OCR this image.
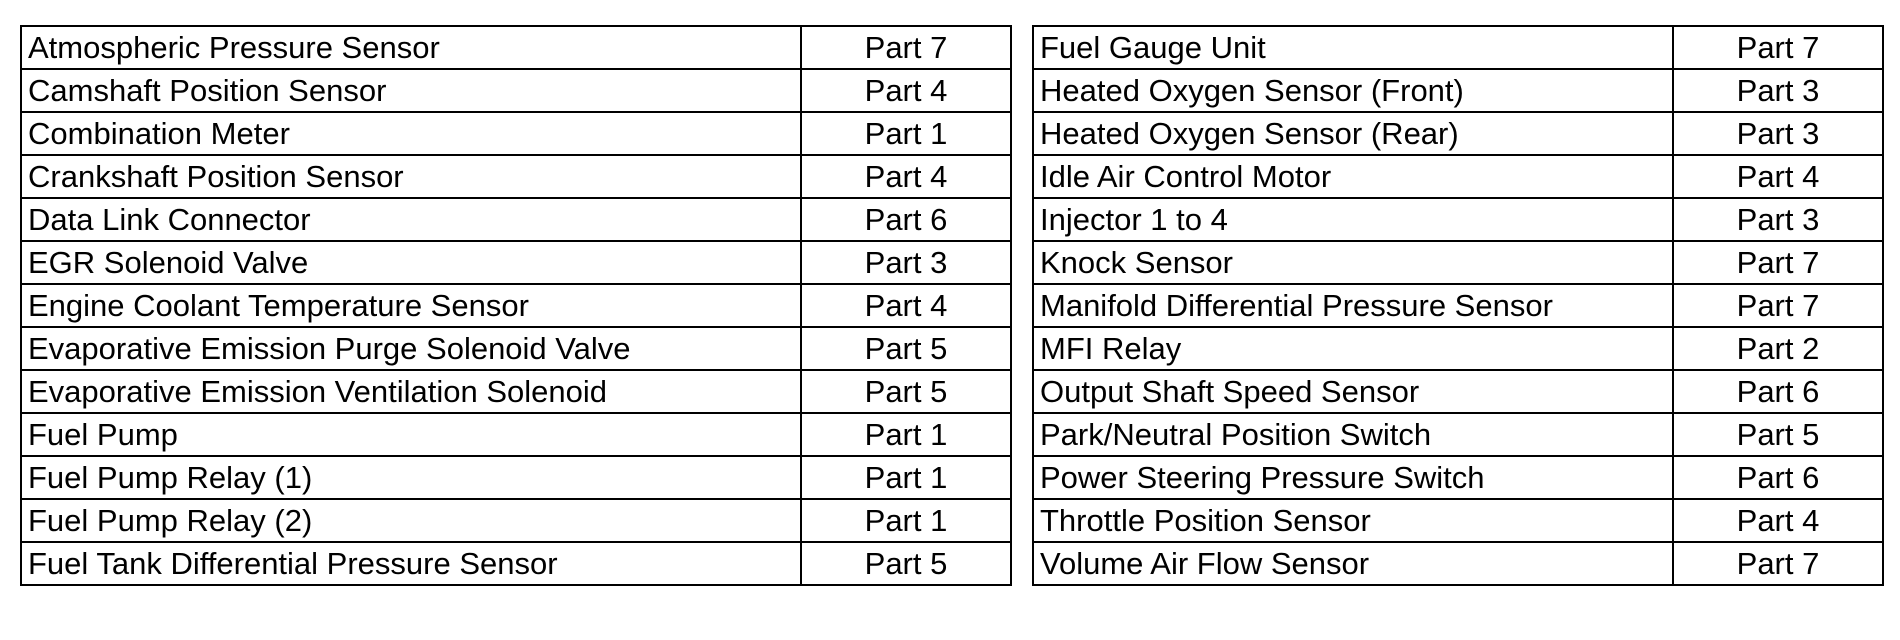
Atmospheric Pressure Sensor	Part 7
Camshaft Position Sensor	Part 4
Combination Meter	Part 1
Crankshaft Position Sensor	Part 4
Data Link Connector	Part 6
EGR Solenoid Valve	Part 3
Engine Coolant Temperature Sensor	Part 4
Evaporative Emission Purge Solenoid Valve	Part 5
Evaporative Emission Ventilation Solenoid	Part 5
Fuel Pump	Part 1
Fuel Pump Relay (1)	Part 1
Fuel Pump Relay (2)	Part 1
Fuel Tank Differential Pressure Sensor	Part 5
Fuel Gauge Unit	Part 7
Heated Oxygen Sensor (Front)	Part 3
Heated Oxygen Sensor (Rear)	Part 3
Idle Air Control Motor	Part 4
Injector 1 to 4	Part 3
Knock Sensor	Part 7
Manifold Differential Pressure Sensor	Part 7
MFI Relay	Part 2
Output Shaft Speed Sensor	Part 6
Park/Neutral Position Switch	Part 5
Power Steering Pressure Switch	Part 6
Throttle Position Sensor	Part 4
Volume Air Flow Sensor	Part 7
